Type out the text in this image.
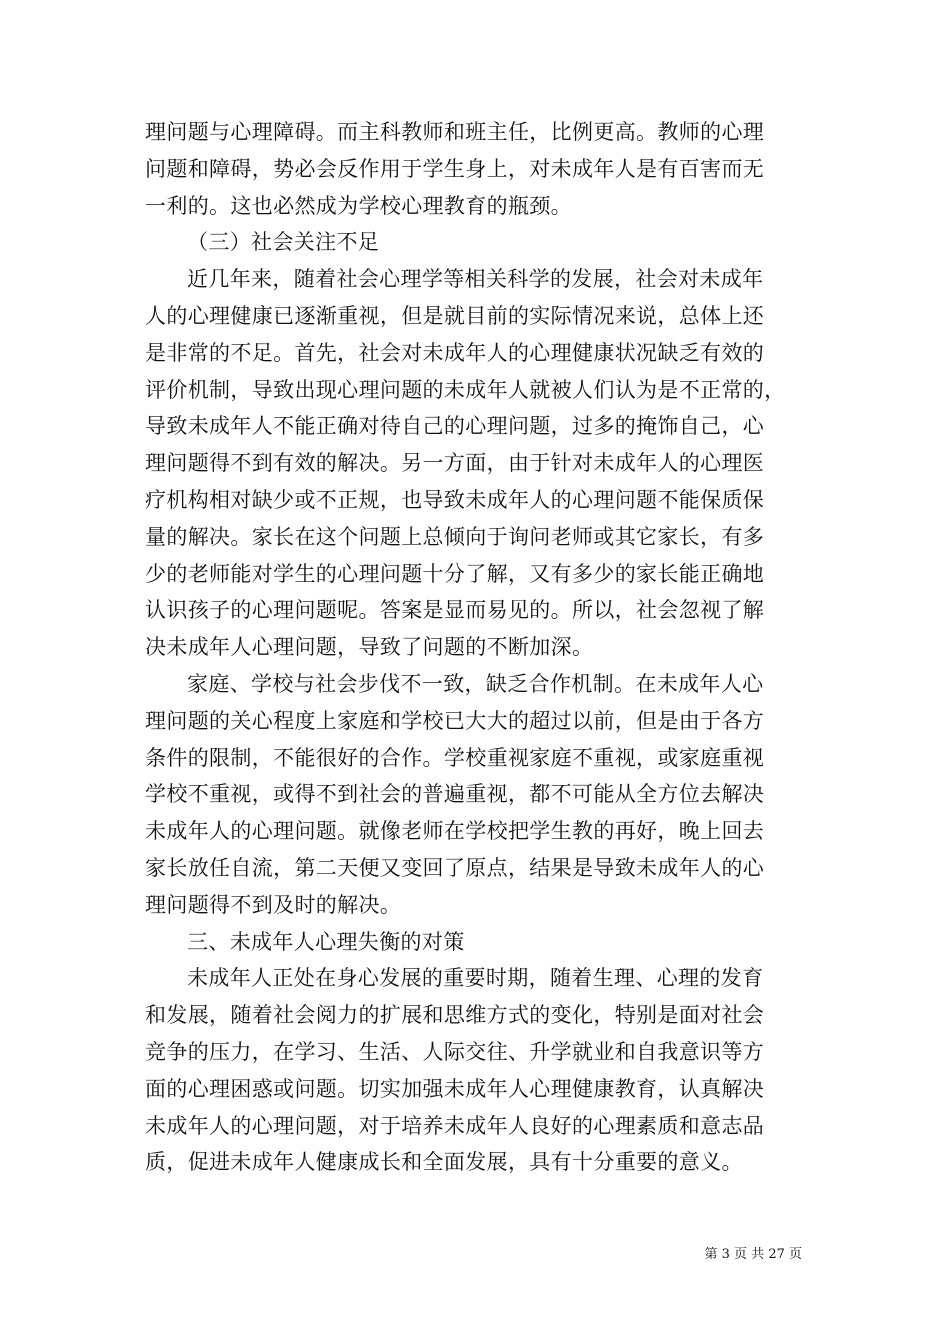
理问题与心理障碍。而主科教师和班主任，比例更高。教师的心理
问题和障碍，势必会反作用于学生身上，对未成年人是有百害而无
一利的。这也必然成为学校心理教育的瓶颈。
（三）社会关注不足
近几年来，随着社会心理学等相关科学的发展，社会对未成年
人的心理健康已逐渐重视，但是就目前的实际情况来说，总体上还
是非常的不足。首先，社会对未成年人的心理健康状况缺乏有效的
评价机制，导致出现心理问题的未成年人就被人们认为是不正常的，
导致未成年人不能正确对待自己的心理问题，过多的掩饰自己，心
理问题得不到有效的解决。另一方面，由于针对未成年人的心理医
疗机构相对缺少或不正规，也导致未成年人的心理问题不能保质保
量的解决。家长在这个问题上总倾向于询问老师或其它家长，有多
少的老师能对学生的心理问题十分了解，又有多少的家长能正确地
认识孩子的心理问题呢。答案是显而易见的。所以，社会忽视了解
决未成年人心理问题，导致了问题的不断加深。
家庭、学校与社会步伐不一致，缺乏合作机制。在未成年人心
理问题的关心程度上家庭和学校已大大的超过以前，但是由于各方
条件的限制，不能很好的合作。学校重视家庭不重视，或家庭重视
学校不重视，或得不到社会的普遍重视，都不可能从全方位去解决
未成年人的心理问题。就像老师在学校把学生教的再好，晚上回去
家长放任自流，第二天便又变回了原点，结果是导致未成年人的心
理问题得不到及时的解决。
三、未成年人心理失衡的对策
未成年人正处在身心发展的重要时期，随着生理、心理的发育
和发展，随着社会阅力的扩展和思维方式的变化，特别是面对社会
竞争的压力，在学习、生活、人际交往、升学就业和自我意识等方
面的心理困惑或问题。切实加强未成年人心理健康教育，认真解决
未成年人的心理问题，对于培养未成年人良好的心理素质和意志品
质，促进未成年人健康成长和全面发展，具有十分重要的意义。
第 3 页 共 27 页
